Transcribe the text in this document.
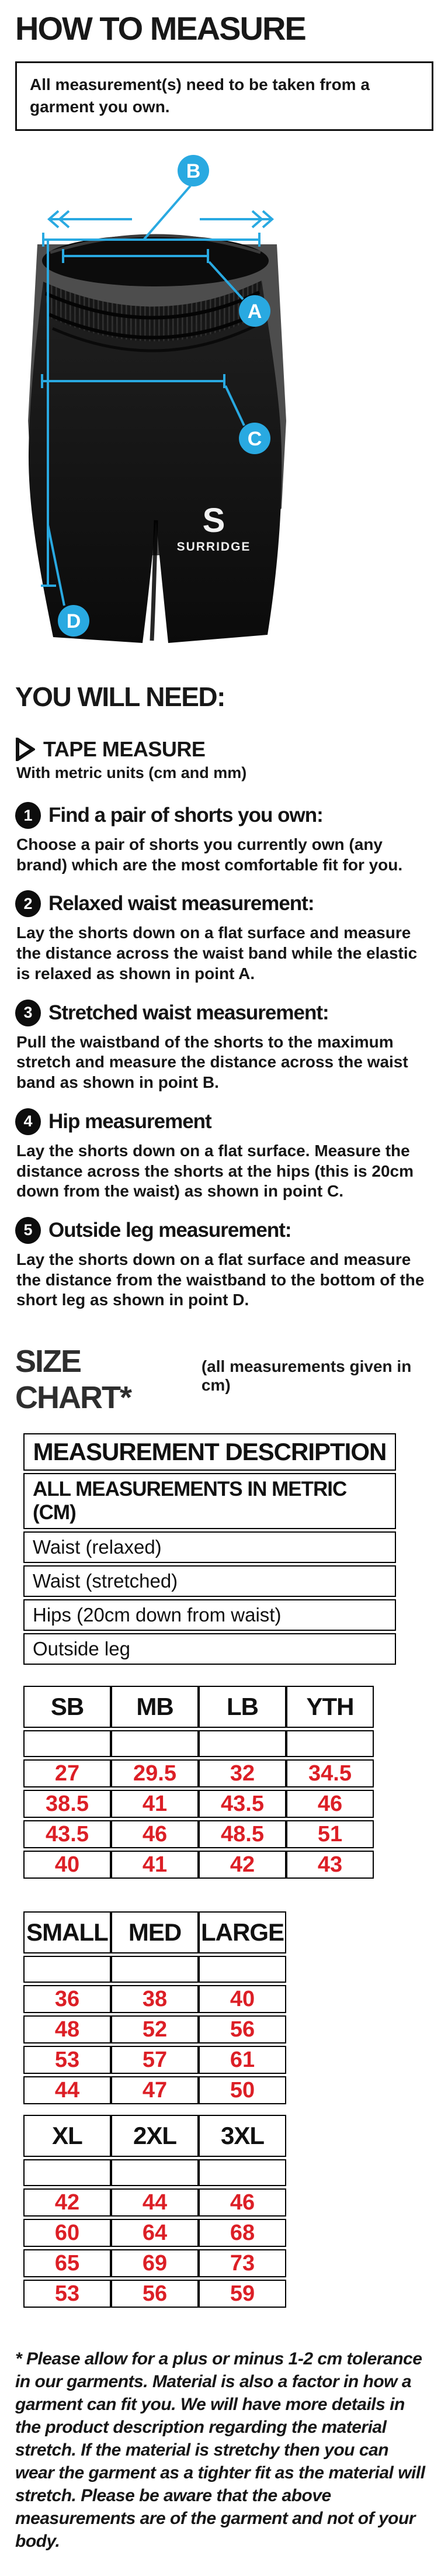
HOW TO MEASURE

All measurement(s) need to be taken from a garment you own.

S
SURRIDGE
B
A
C
D
YOU WILL NEED:
TAPE MEASURE

With metric units (cm and mm)

1 Find a pair of shorts you own:

Choose a pair of shorts you currently own (any brand) which are the most comfortable fit for you.

2 Relaxed waist measurement:

Lay the shorts down on a flat surface and measure the distance across the waist band while the elastic is relaxed as shown in point A.

3 Stretched waist measurement:

Pull the waistband of the shorts to the maximum stretch and measure the distance across the waist band as shown in point B.

4 Hip measurement

Lay the shorts down on a flat surface. Measure the distance across the shorts at the hips (this is 20cm down from the waist) as shown in point C.

5 Outside leg measurement:

Lay the shorts down on a flat surface and measure the distance from the waistband to the bottom of the short leg as shown in point D.

SIZE CHART*
(all measurements given in cm)
MEASUREMENT DESCRIPTION
ALL MEASUREMENTS IN METRIC (CM)
Waist (relaxed)
Waist (stretched)
Hips (20cm down from waist)
Outside leg
SB	MB	LB	YTH

27	29.5	32	34.5
38.5	41	43.5	46
43.5	46	48.5	51
40	41	42	43
SMALL	MED	LARGE

36	38	40
48	52	56
53	57	61
44	47	50
XL	2XL	3XL

42	44	46
60	64	68
65	69	73
53	56	59

* Please allow for a plus or minus 1-2 cm tolerance in our garments. Material is also a factor in how a garment can fit you. We will have more details in the product description regarding the material stretch. If the material is stretchy then you can wear the garment as a tighter fit as the material will stretch. Please be aware that the above measurements are of the garment and not of your body.
